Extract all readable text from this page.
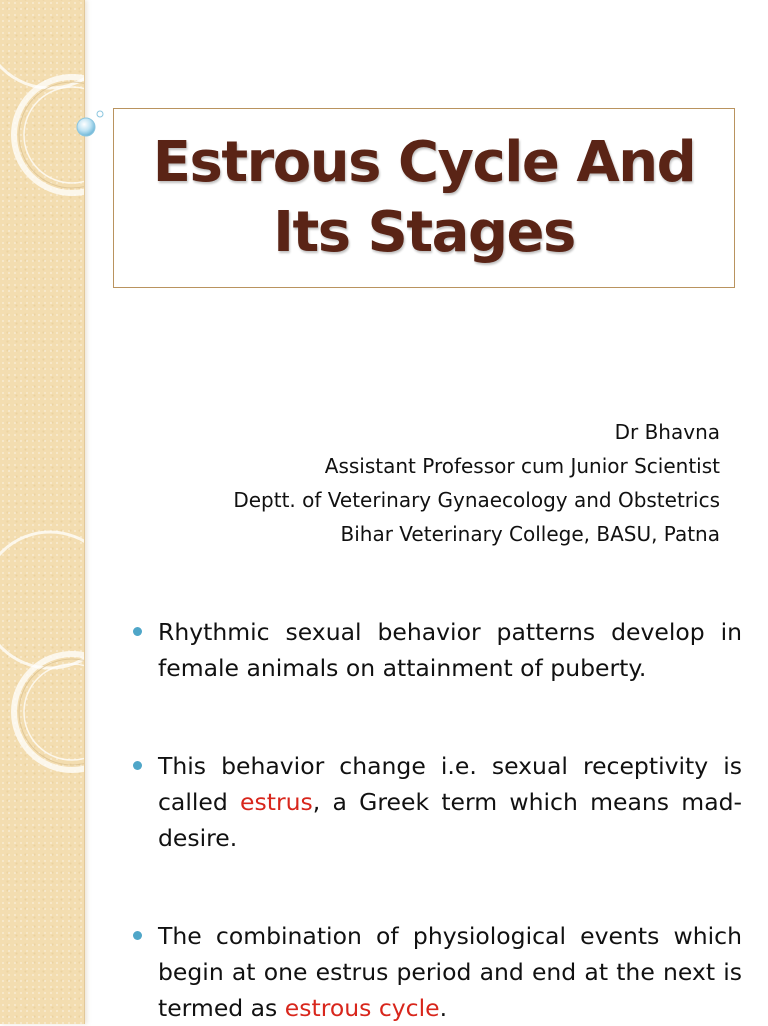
Estrous Cycle And
Its Stages
Dr Bhavna
Assistant Professor cum Junior Scientist
Deptt. of Veterinary Gynaecology and Obstetrics
Bihar Veterinary College, BASU, Patna
Rhythmic sexual behavior patterns develop in female animals on attainment of puberty.
This behavior change i.e. sexual receptivity is called estrus, a Greek term which means mad-desire.
The combination of physiological events which begin at one estrus period and end at the next is termed as estrous cycle.
